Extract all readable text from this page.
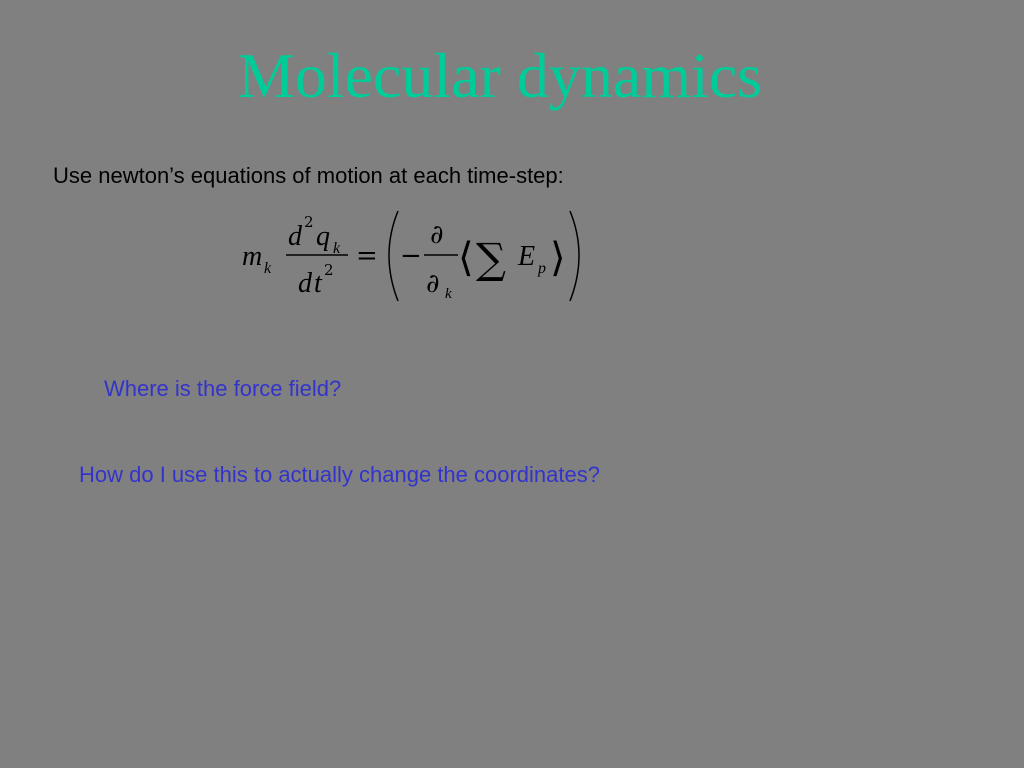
Molecular dynamics
Use newton’s equations of motion at each time-step:
m k
d 2 q k
d t 2 = −
∂
∂ k
⟨ ∑ E p ⟩
Where is the force field?
How do I use this to actually change the coordinates?
